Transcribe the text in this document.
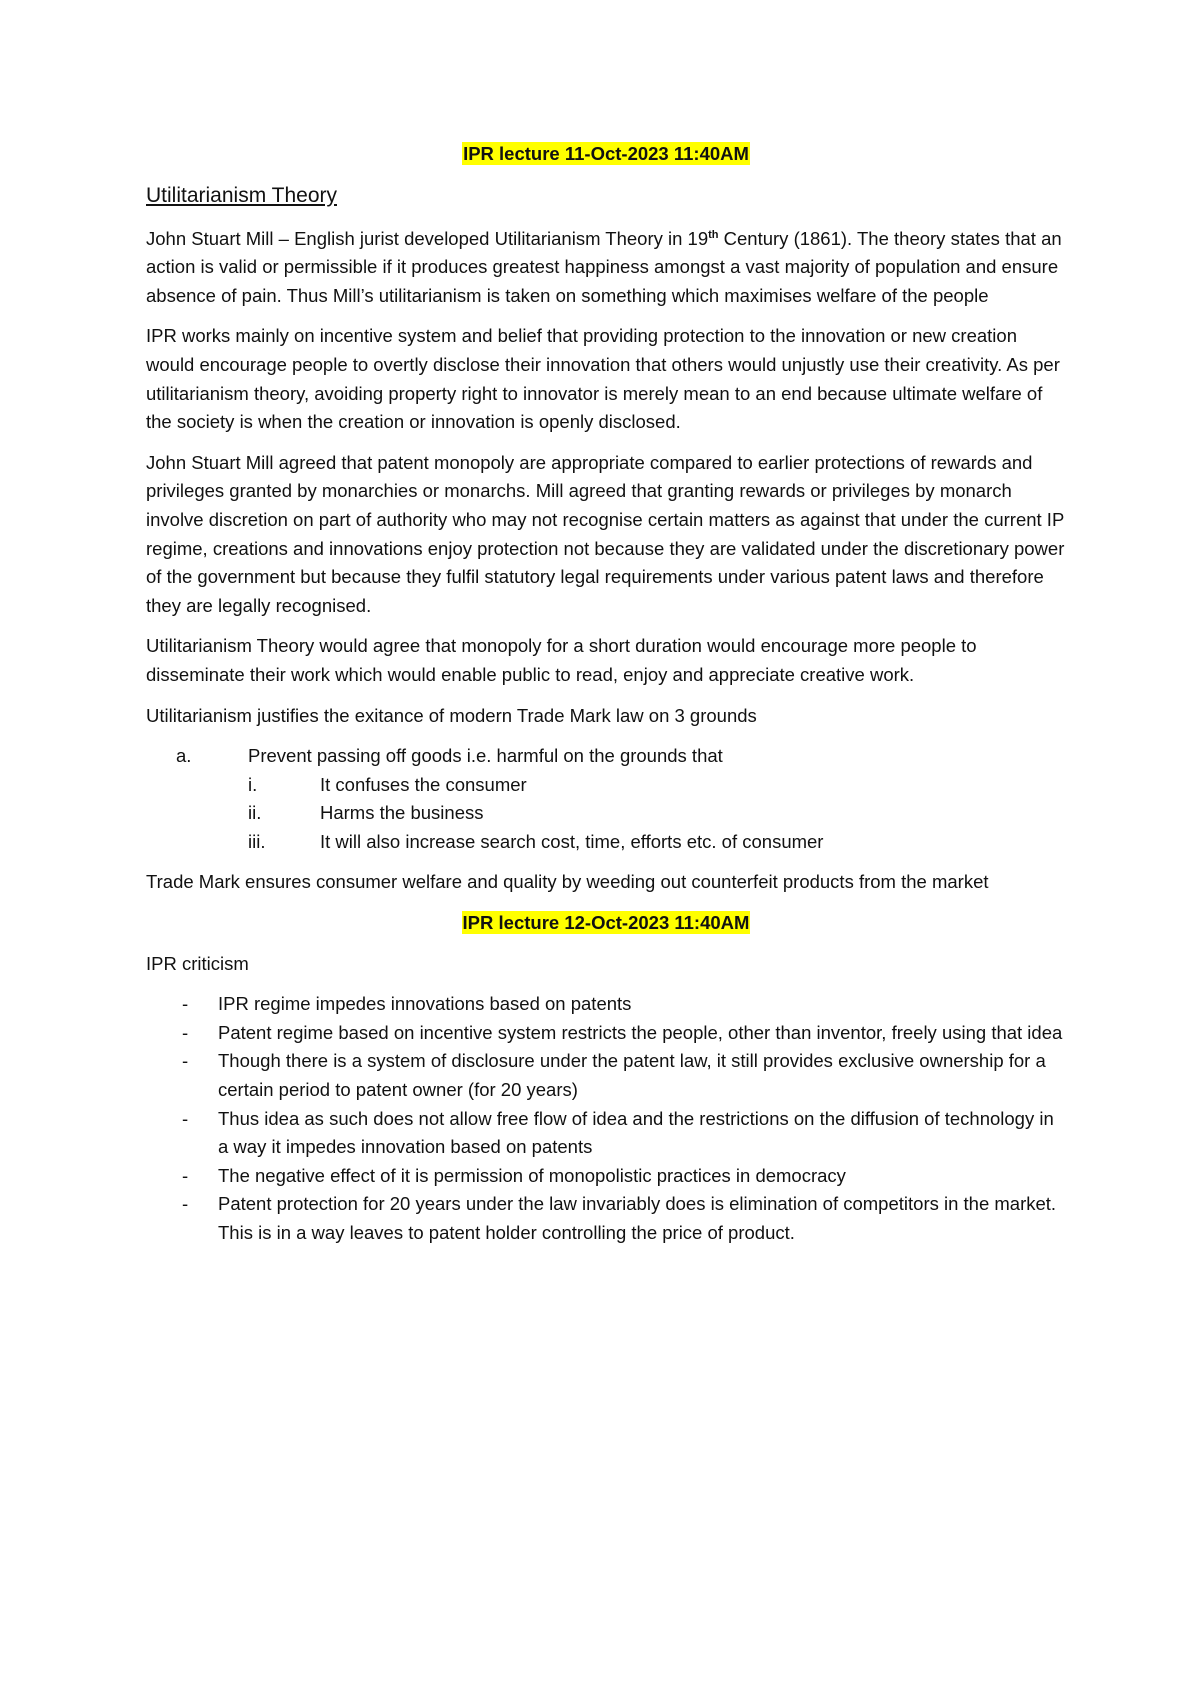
IPR lecture 11-Oct-2023 11:40AM
Utilitarianism Theory

John Stuart Mill – English jurist developed Utilitarianism Theory in 19th Century (1861). The theory states that an action is valid or permissible if it produces greatest happiness amongst a vast majority of population and ensure absence of pain. Thus Mill’s utilitarianism is taken on something which maximises welfare of the people

IPR works mainly on incentive system and belief that providing protection to the innovation or new creation would encourage people to overtly disclose their innovation that others would unjustly use their creativity. As per utilitarianism theory, avoiding property right to innovator is merely mean to an end because ultimate welfare of the society is when the creation or innovation is openly disclosed.

John Stuart Mill agreed that patent monopoly are appropriate compared to earlier protections of rewards and privileges granted by monarchies or monarchs. Mill agreed that granting rewards or privileges by monarch involve discretion on part of authority who may not recognise certain matters as against that under the current IP regime, creations and innovations enjoy protection not because they are validated under the discretionary power of the government but because they fulfil statutory legal requirements under various patent laws and therefore they are legally recognised.

Utilitarianism Theory would agree that monopoly for a short duration would encourage more people to disseminate their work which would enable public to read, enjoy and appreciate creative work.

Utilitarianism justifies the exitance of modern Trade Mark law on 3 grounds

a.	Prevent passing off goods i.e. harmful on the grounds that
i.	It confuses the consumer
ii.	Harms the business
iii.	It will also increase search cost, time, efforts etc. of consumer

Trade Mark ensures consumer welfare and quality by weeding out counterfeit products from the market

IPR lecture 12-Oct-2023 11:40AM

IPR criticism

- IPR regime impedes innovations based on patents
- Patent regime based on incentive system restricts the people, other than inventor, freely using that idea
- Though there is a system of disclosure under the patent law, it still provides exclusive ownership for a certain period to patent owner (for 20 years)
- Thus idea as such does not allow free flow of idea and the restrictions on the diffusion of technology in a way it impedes innovation based on patents
- The negative effect of it is permission of monopolistic practices in democracy
- Patent protection for 20 years under the law invariably does is elimination of competitors in the market. This is in a way leaves to patent holder controlling the price of product.
